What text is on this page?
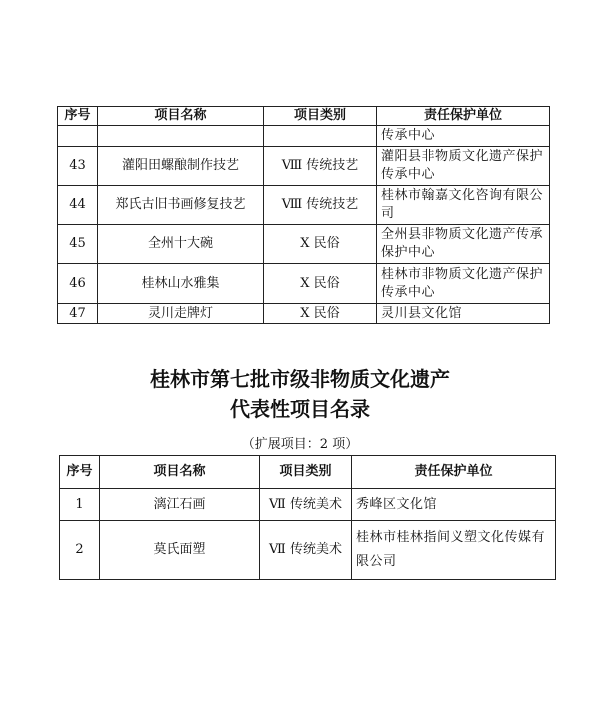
序号	项目名称	项目类别	责任保护单位
			传承中心
43	灌阳田螺酿制作技艺	Ⅷ 传统技艺	灌阳县非物质文化遗产保护传承中心
44	郑氏古旧书画修复技艺	Ⅷ 传统技艺	桂林市翰嘉文化咨询有限公司
45	全州十大碗	Ⅹ 民俗	全州县非物质文化遗产传承保护中心
46	桂林山水雅集	Ⅹ 民俗	桂林市非物质文化遗产保护传承中心
47	灵川走牌灯	Ⅹ 民俗	灵川县文化馆
桂林市第七批市级非物质文化遗产
代表性项目名录
（扩展项目：2 项）
序号	项目名称	项目类别	责任保护单位
1	漓江石画	Ⅶ 传统美术	秀峰区文化馆
2	莫氏面塑	Ⅶ 传统美术	桂林市桂林指间义塑文化传媒有限公司
